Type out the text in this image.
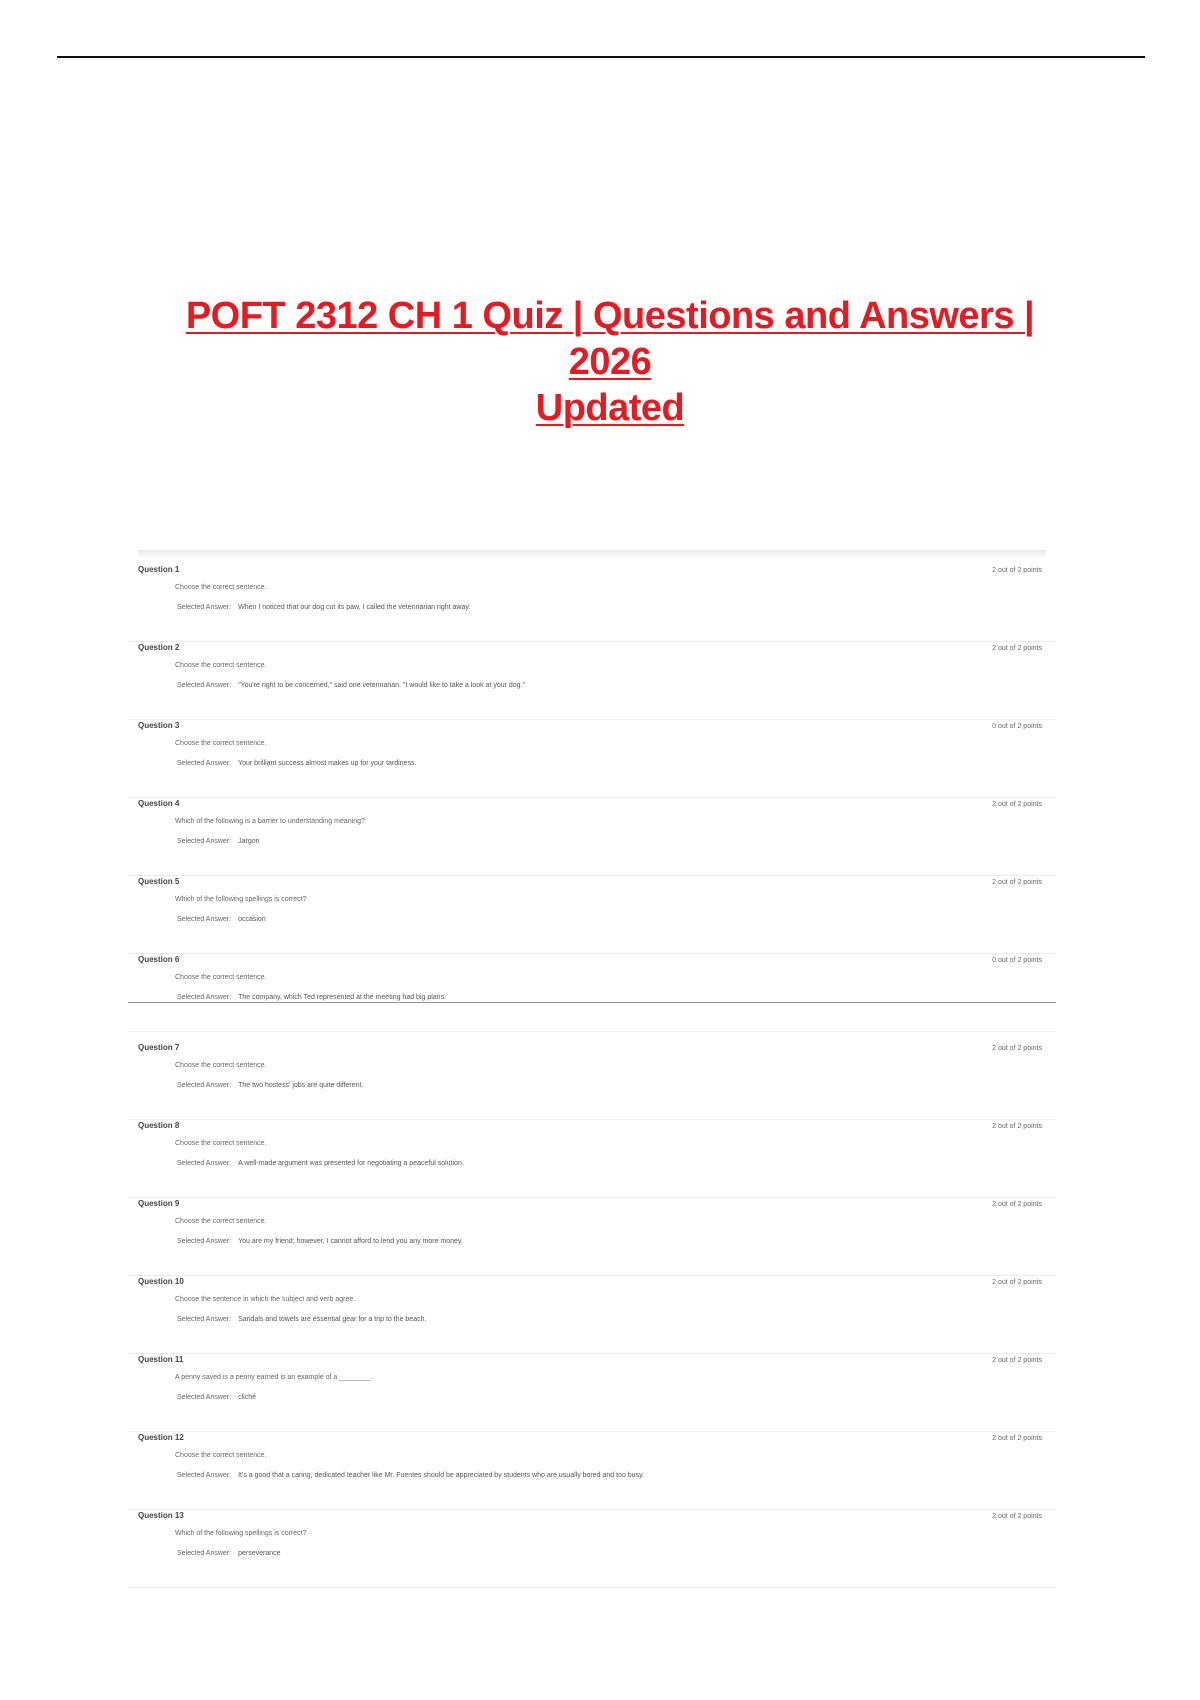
POFT 2312 CH 1 Quiz | Questions and Answers | 2026
Updated
Question 1	2 out of 2 points
Choose the correct sentence.
Selected Answer: When I noticed that our dog cut its paw, I called the veterinarian right away.
Question 2	2 out of 2 points
Choose the correct sentence.
Selected Answer: "You're right to be concerned," said one veterinarian. "I would like to take a look at your dog."
Question 3	0 out of 2 points
Choose the correct sentence.
Selected Answer: Your brilliant success almost makes up for your tardiness.
Question 4	2 out of 2 points
Which of the following is a barrier to understanding meaning?
Selected Answer: Jargon
Question 5	2 out of 2 points
Which of the following spellings is correct?
Selected Answer: occasion
Question 6	0 out of 2 points
Choose the correct sentence.
Selected Answer: The company, which Ted represented at the meeting had big plans.
Question 7	2 out of 2 points
Choose the correct sentence.
Selected Answer: The two hostess' jobs are quite different.
Question 8	2 out of 2 points
Choose the correct sentence.
Selected Answer: A well-made argument was presented for negotiating a peaceful solution.
Question 9	2 out of 2 points
Choose the correct sentence.
Selected Answer: You are my friend; however, I cannot afford to lend you any more money.
Question 10	2 out of 2 points
Choose the sentence in which the subject and verb agree.
Selected Answer: Sandals and towels are essential gear for a trip to the beach.
Question 11	2 out of 2 points
A penny saved is a penny earned is an example of a ________.
Selected Answer: cliché
Question 12	2 out of 2 points
Choose the correct sentence.
Selected Answer: It's a good that a caring, dedicated teacher like Mr. Fuentes should be appreciated by students who are usually bored and too busy.
Question 13	2 out of 2 points
Which of the following spellings is correct?
Selected Answer: perseverance
